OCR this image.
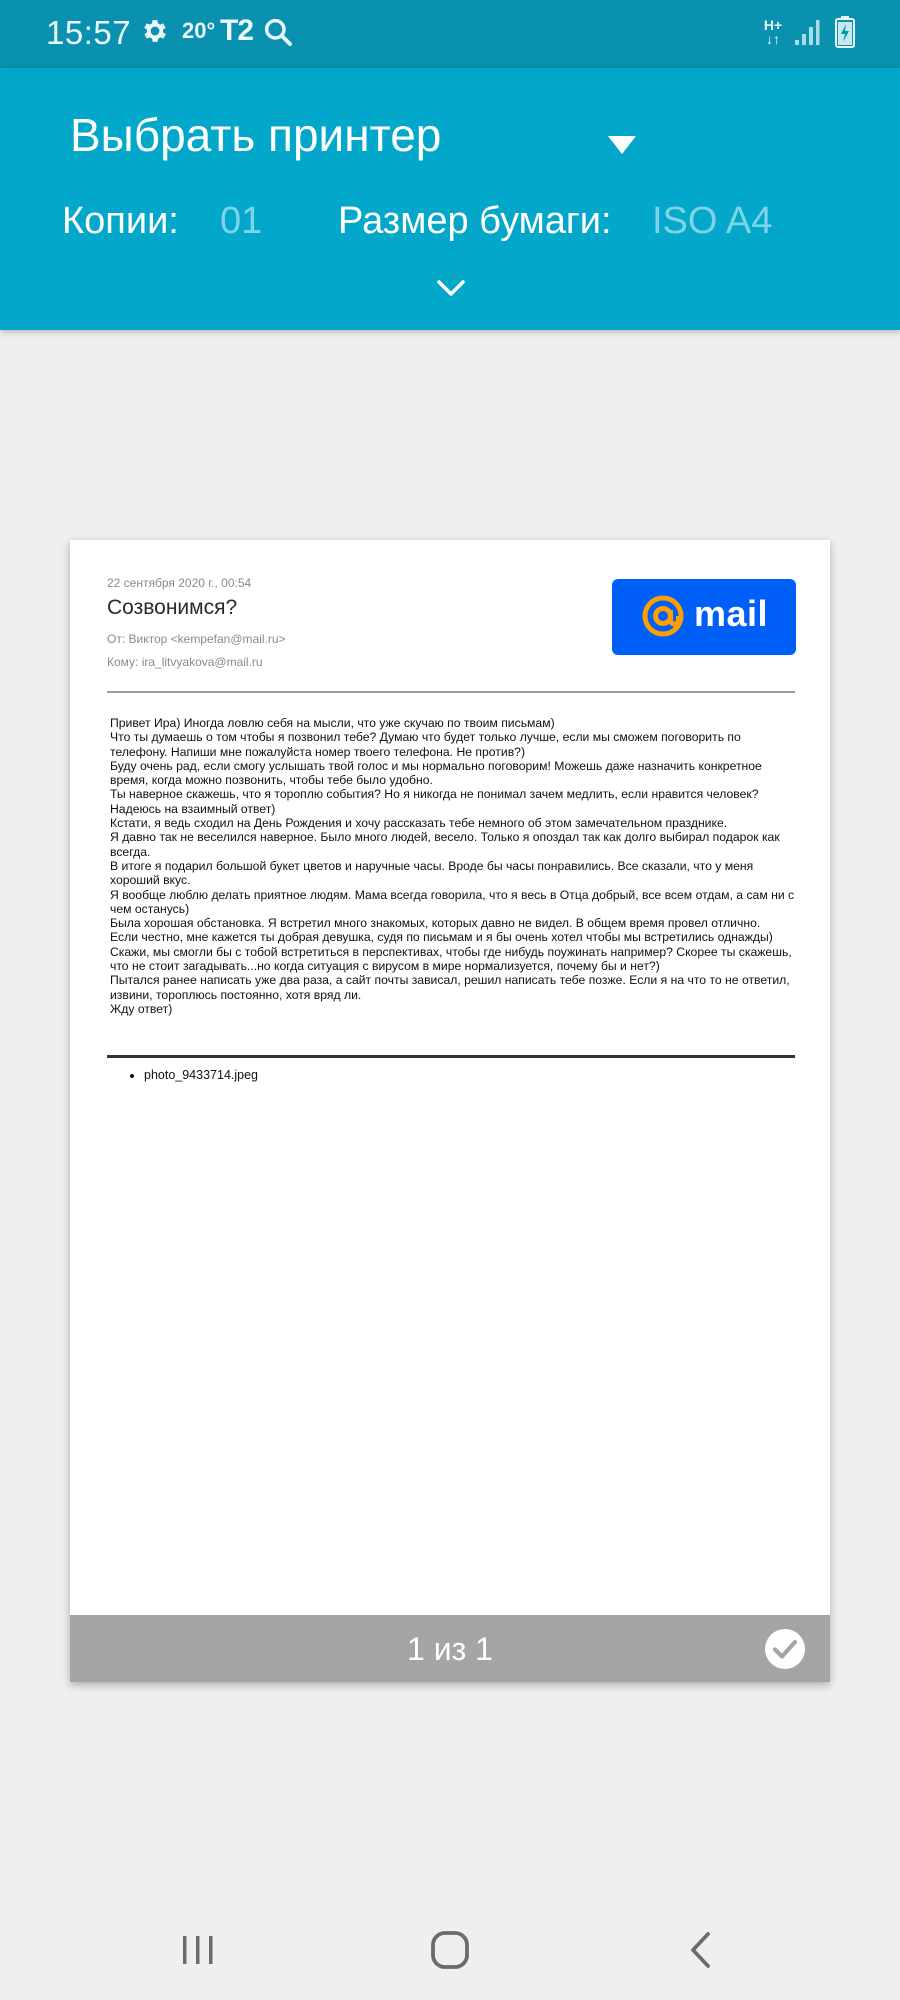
15:57 20° T2	H+
↓↑
Выбрать принтер
Копии: 01 Размер бумаги: ISO A4
22 сентября 2020 г., 00:54
Созвонимся?
От: Виктор <kempefan@mail.ru>
Кому: ira_litvyakova@mail.ru
mail

Привет Ира) Иногда ловлю себя на мысли, что уже скучаю по твоим письмам)

Что ты думаешь о том чтобы я позвонил тебе? Думаю что будет только лучше, если мы сможем поговорить по телефону. Напиши мне пожалуйста номер твоего телефона. Не против?)

Буду очень рад, если смогу услышать твой голос и мы нормально поговорим! Можешь даже назначить конкретное время, когда можно позвонить, чтобы тебе было удобно.

Ты наверное скажешь, что я тороплю события? Но я никогда не понимал зачем медлить, если нравится человек? Надеюсь на взаимный ответ)

Кстати, я ведь сходил на День Рождения и хочу рассказать тебе немного об этом замечательном празднике.

Я давно так не веселился наверное. Было много людей, весело. Только я опоздал так как долго выбирал подарок как всегда.

В итоге я подарил большой букет цветов и наручные часы. Вроде бы часы понравились. Все сказали, что у меня хороший вкус.

Я вообще люблю делать приятное людям. Мама всегда говорила, что я весь в Отца добрый, все всем отдам, а сам ни с чем останусь)

Была хорошая обстановка. Я встретил много знакомых, которых давно не видел. В общем время провел отлично.

Если честно, мне кажется ты добрая девушка, судя по письмам и я бы очень хотел чтобы мы встретились однажды)

Скажи, мы смогли бы с тобой встретиться в перспективах, чтобы где нибудь поужинать например? Скорее ты скажешь, что не стоит загадывать...но когда ситуация с вирусом в мире нормализуется, почему бы и нет?)

Пытался ранее написать уже два раза, а сайт почты зависал, решил написать тебе позже. Если я на что то не ответил, извини, тороплюсь постоянно, хотя вряд ли.

Жду ответ)

• photo_9433714.jpeg
1 из 1
